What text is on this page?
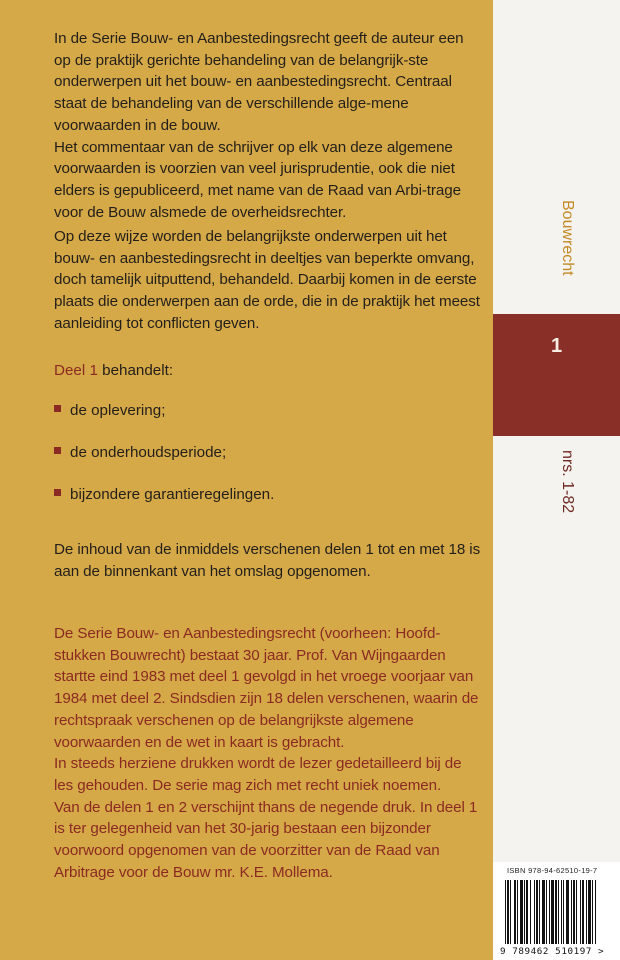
In de Serie Bouw- en Aanbestedingsrecht geeft de auteur een op de praktijk gerichte behandeling van de belangrijk-ste onderwerpen uit het bouw- en aanbestedingsrecht. Centraal staat de behandeling van de verschillende alge-mene voorwaarden in de bouw.

Het commentaar van de schrijver op elk van deze algemene voorwaarden is voorzien van veel jurisprudentie, ook die niet elders is gepubliceerd, met name van de Raad van Arbi-trage voor de Bouw alsmede de overheidsrechter.

Op deze wijze worden de belangrijkste onderwerpen uit het bouw- en aanbestedingsrecht in deeltjes van beperkte omvang, doch tamelijk uitputtend, behandeld. Daarbij komen in de eerste plaats die onderwerpen aan de orde, die in de praktijk het meest aanleiding tot conflicten geven.

Deel 1 behandelt:

de oplevering;

de onderhoudsperiode;

bijzondere garantieregelingen.

De inhoud van de inmiddels verschenen delen 1 tot en met 18 is aan de binnenkant van het omslag opgenomen.

De Serie Bouw- en Aanbestedingsrecht (voorheen: Hoofd-stukken Bouwrecht) bestaat 30 jaar. Prof. Van Wijngaarden startte eind 1983 met deel 1 gevolgd in het vroege voorjaar van 1984 met deel 2. Sindsdien zijn 18 delen verschenen, waarin de rechtspraak verschenen op de belangrijkste algemene voorwaarden en de wet in kaart is gebracht.

In steeds herziene drukken wordt de lezer gedetailleerd bij de les gehouden. De serie mag zich met recht uniek noemen.

Van de delen 1 en 2 verschijnt thans de negende druk. In deel 1 is ter gelegenheid van het 30-jarig bestaan een bijzonder voorwoord opgenomen van de voorzitter van de Raad van Arbitrage voor de Bouw mr. K.E. Mollema.

Bouwrecht
1
nrs. 1-82
ISBN 978-94-62510-19-7
9 789462 510197 >
